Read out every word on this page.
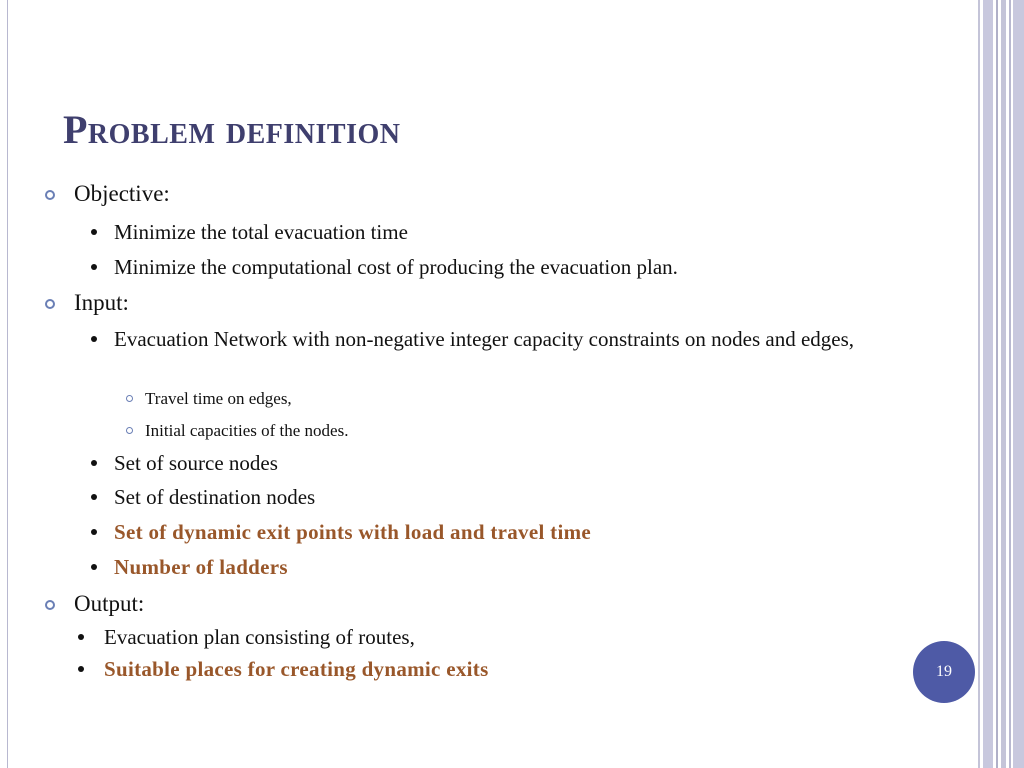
Problem definition
Objective:
Minimize the total evacuation time
Minimize the computational cost of producing the evacuation plan.
Input:
Evacuation Network with non-negative integer capacity constraints on nodes and edges,
Travel time on edges,
Initial capacities of the nodes.
Set of source nodes
Set of destination nodes
Set of dynamic exit points with load and travel time
Number of ladders
Output:
Evacuation plan consisting of routes,
Suitable places for creating dynamic exits	19
